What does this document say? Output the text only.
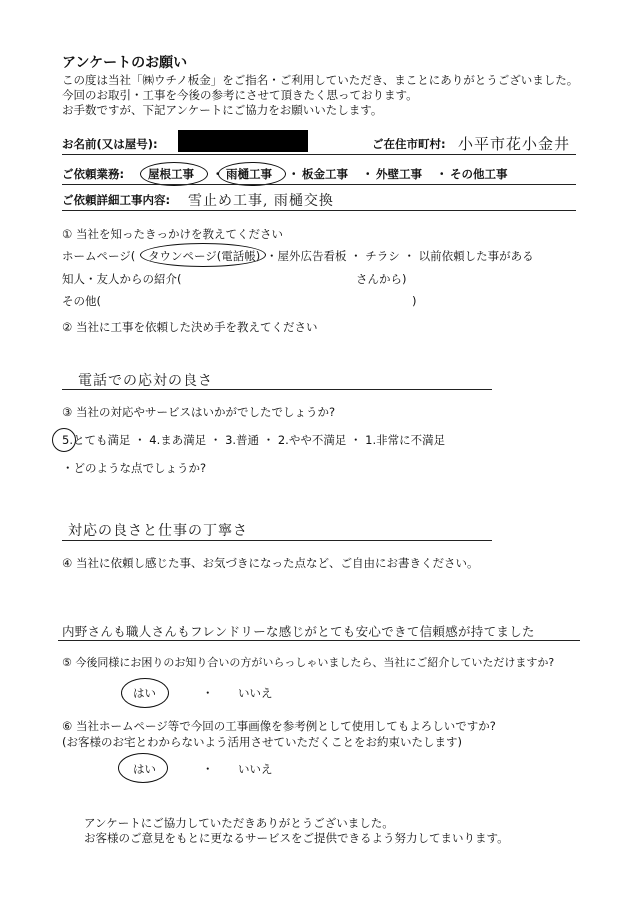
アンケートのお願い
この度は当社「㈱ウチノ板金」をご指名・ご利用していただき、まことにありがとうございました。
今回のお取引・工事を今後の参考にさせて頂きたく思っております。
お手数ですが、下記アンケートにご協力をお願いいたします。
お名前(又は屋号):	ご在住市町村: 小平市花小金井
ご依頼業務: 屋根工事 ・ 雨樋工事 ・ 板金工事 ・ 外壁工事 ・ その他工事
ご依頼詳細工事内容: 雪止め工事, 雨樋交換
① 当社を知ったきっかけを教えてください
ホームページ( タウンページ(電話帳) ・屋外広告看板 ・ チラシ ・ 以前依頼した事がある
知人・友人からの紹介(	さんから)
その他(	)
② 当社に工事を依頼した決め手を教えてください
電話での応対の良さ
③ 当社の対応やサービスはいかがでしたでしょうか?
5.とても満足 ・ 4.まあ満足 ・ 3.普通 ・ 2.やや不満足 ・ 1.非常に不満足
・どのような点でしょうか?
対応の良さと仕事の丁寧さ
④ 当社に依頼し感じた事、お気づきになった点など、ご自由にお書きください。
内野さんも職人さんもフレンドリーな感じがとても安心できて信頼感が持てました
⑤ 今後同様にお困りのお知り合いの方がいらっしゃいましたら、当社にご紹介していただけますか?
はい	・ いいえ
⑥ 当社ホームページ等で今回の工事画像を参考例として使用してもよろしいですか?
(お客様のお宅とわからないよう活用させていただくことをお約束いたします)
はい	・ いいえ
アンケートにご協力していただきありがとうございました。
お客様のご意見をもとに更なるサービスをご提供できるよう努力してまいります。
